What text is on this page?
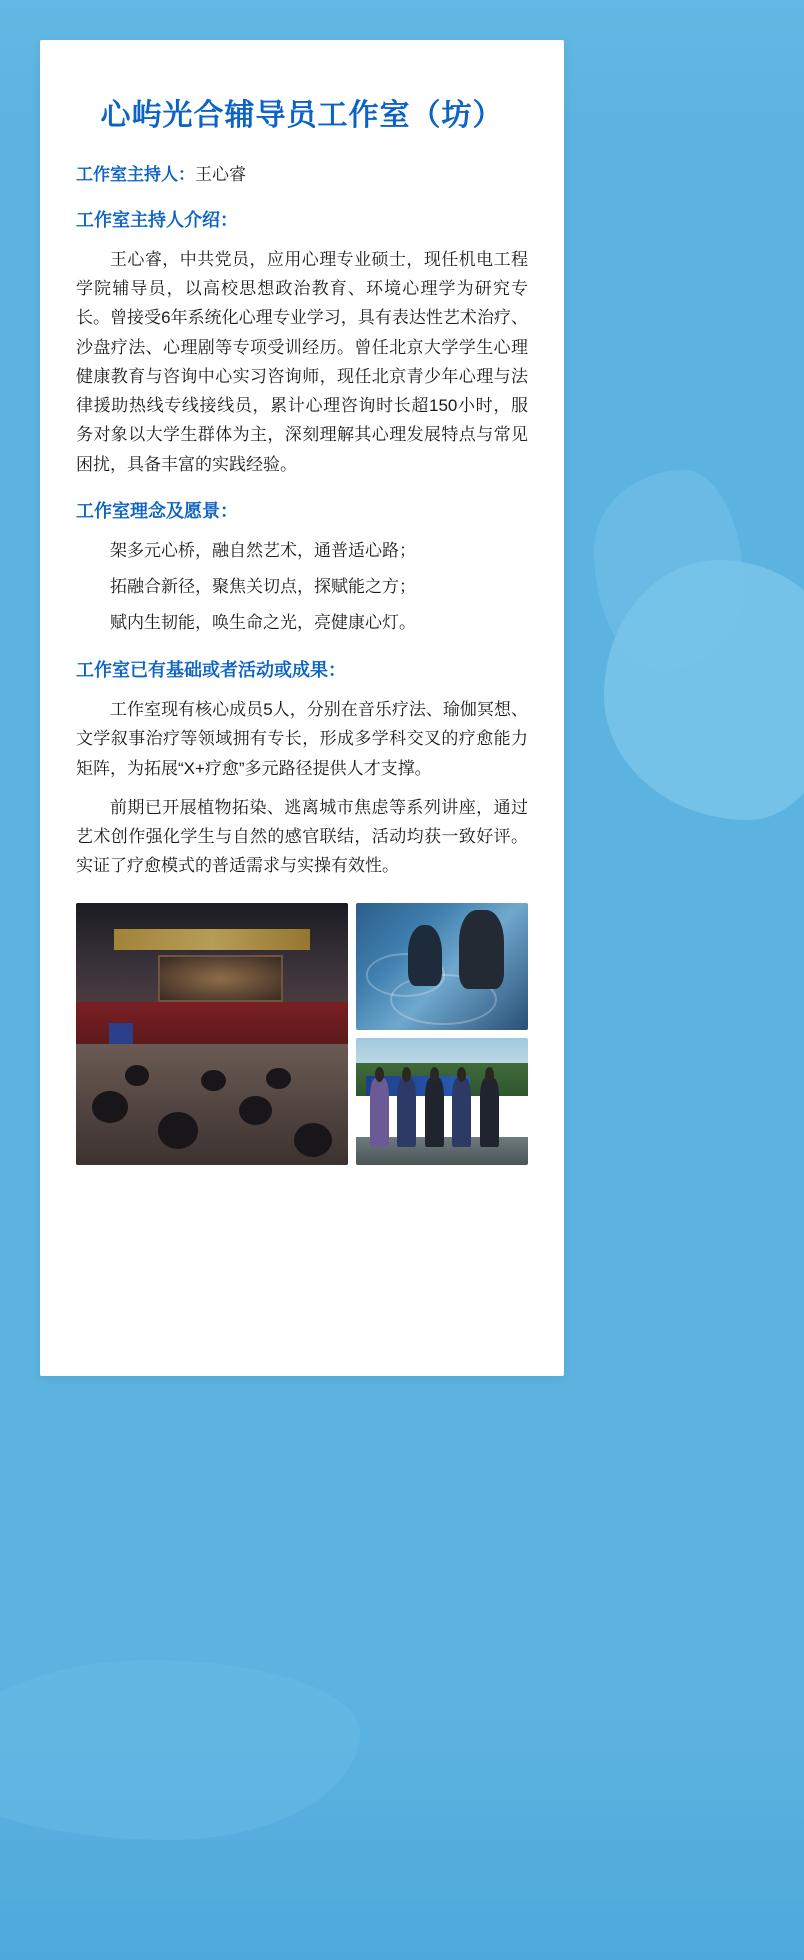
心屿光合辅导员工作室（坊）

工作室主持人：王心睿

工作室主持人介绍：

王心睿，中共党员，应用心理专业硕士，现任机电工程学院辅导员，以高校思想政治教育、环境心理学为研究专长。曾接受6年系统化心理专业学习，具有表达性艺术治疗、沙盘疗法、心理剧等专项受训经历。曾任北京大学学生心理健康教育与咨询中心实习咨询师，现任北京青少年心理与法律援助热线专线接线员，累计心理咨询时长超150小时，服务对象以大学生群体为主，深刻理解其心理发展特点与常见困扰，具备丰富的实践经验。

工作室理念及愿景：

架多元心桥，融自然艺术，通普适心路；

拓融合新径，聚焦关切点，探赋能之方；

赋内生韧能，唤生命之光，亮健康心灯。

工作室已有基础或者活动或成果：

工作室现有核心成员5人，分别在音乐疗法、瑜伽冥想、文学叙事治疗等领域拥有专长，形成多学科交叉的疗愈能力矩阵，为拓展“X+疗愈”多元路径提供人才支撑。

前期已开展植物拓染、逃离城市焦虑等系列讲座，通过艺术创作强化学生与自然的感官联结，活动均获一致好评。实证了疗愈模式的普适需求与实操有效性。
